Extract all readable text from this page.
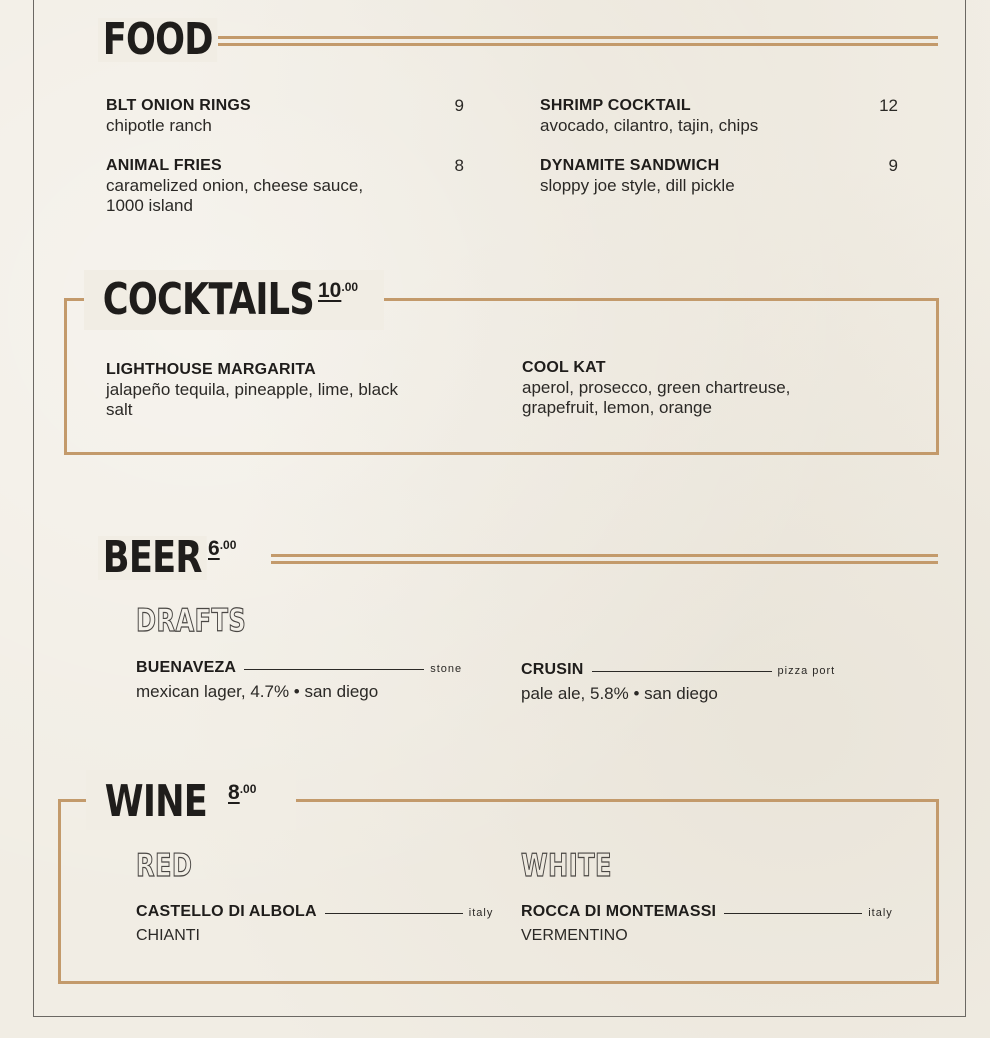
FOOD
BLT ONION RINGS
chipotle ranch
9	SHRIMP COCKTAIL
avocado, cilantro, tajin, chips
12
ANIMAL FRIES
caramelized onion, cheese sauce, 1000 island
8	DYNAMITE SANDWICH
sloppy joe style, dill pickle
9
COCKTAILS $10^{.00}$
LIGHTHOUSE MARGARITA
jalapeño tequila, pineapple, lime, black salt
COOL KAT
aperol, prosecco, green chartreuse, grapefruit, lemon, orange
BEER $6^{.00}$
DRAFTS
BUENAVEZA	stone
mexican lager, 4.7% • san diego
CRUSIN	pizza port
pale ale, 5.8% • san diego
WINE $8^{.00}$
RED	WHITE
CASTELLO DI ALBOLA	italy
CHIANTI
ROCCA DI MONTEMASSI	italy
VERMENTINO
